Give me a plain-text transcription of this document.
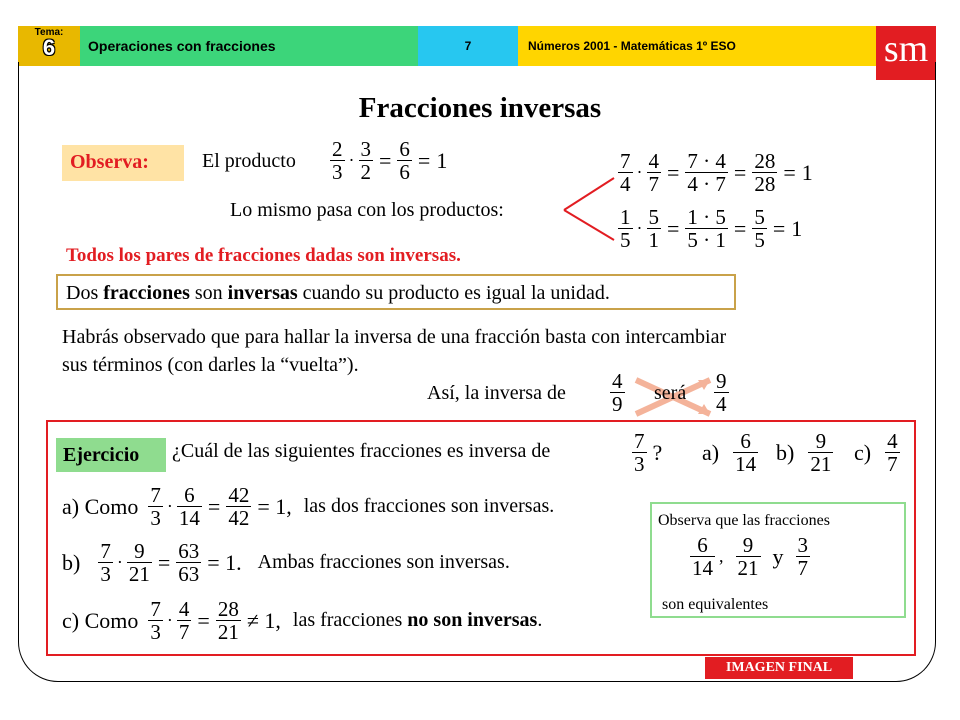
Tema:
6	Operaciones con fracciones	7	Números 2001 - Matemáticas 1º ESO	sm
Fracciones inversas
Observa:	El producto $\frac{2}{3} \cdot \frac{3}{2} = \frac{6}{6} = 1$
Lo mismo pasa con los productos:
$\frac{7}{4} \cdot \frac{4}{7} = \frac{7 \cdot 4}{4 \cdot 7} = \frac{28}{28} = 1$
$\frac{1}{5} \cdot \frac{5}{1} = \frac{1 \cdot 5}{5 \cdot 1} = \frac{5}{5} = 1$
Todos los pares de fracciones dadas son inversas.
Dos fracciones son inversas cuando su producto es igual la unidad.
Habrás observado que para hallar la inversa de una fracción basta con intercambiar
sus términos (con darles la “vuelta”).
Así, la inversa de $\frac{4}{9}$ será $\frac{9}{4}$
Ejercicio ¿Cuál de las siguientes fracciones es inversa de	$\frac{7}{3}$ ? $a) \frac{6}{14} b) \frac{9}{21} c) \frac{4}{7}$
a) Como $\frac{7}{3} \cdot \frac{6}{14} = \frac{42}{42} = 1$, las dos fracciones son inversas.
$b) \frac{7}{3} \cdot \frac{9}{21} = \frac{63}{63} = 1$. Ambas fracciones son inversas.
c) Como $\frac{7}{3} \cdot \frac{4}{7} = \frac{28}{21} \ne 1$, las fracciones no son inversas.
Observa que las fracciones
$\frac{6}{14}$ , $\frac{9}{21}$ y $\frac{3}{7}$
son equivalentes
IMAGEN FINAL
